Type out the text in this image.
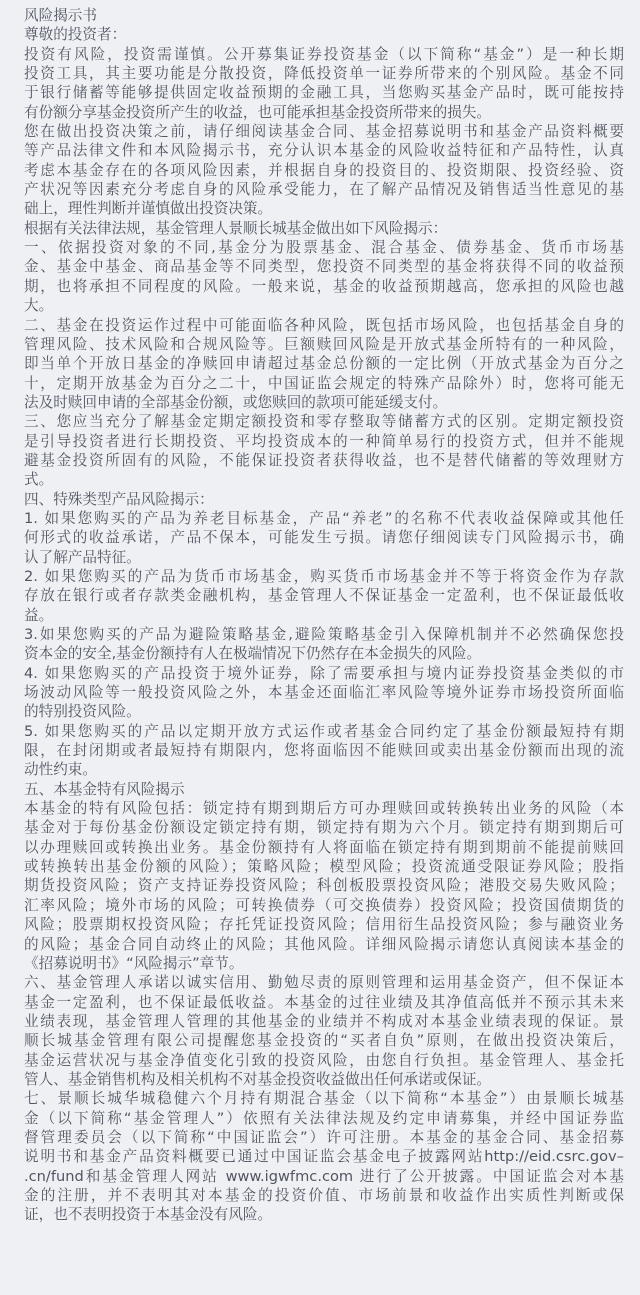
风险揭示书
尊敬的投资者：
投资有风险，投资需谨慎。公开募集证券投资基金（以下简称“基金”）是一种长期
投资工具，其主要功能是分散投资，降低投资单一证券所带来的个别风险。基金不同
于银行储蓄等能够提供固定收益预期的金融工具，当您购买基金产品时，既可能按持
有份额分享基金投资所产生的收益，也可能承担基金投资所带来的损失。
您在做出投资决策之前，请仔细阅读基金合同、基金招募说明书和基金产品资料概要
等产品法律文件和本风险揭示书，充分认识本基金的风险收益特征和产品特性，认真
考虑本基金存在的各项风险因素，并根据自身的投资目的、投资期限、投资经验、资
产状况等因素充分考虑自身的风险承受能力，在了解产品情况及销售适当性意见的基
础上，理性判断并谨慎做出投资决策。
根据有关法律法规，基金管理人景顺长城基金做出如下风险揭示：
一、依据投资对象的不同,基金分为股票基金、混合基金、债券基金、货币市场基
金、基金中基金、商品基金等不同类型，您投资不同类型的基金将获得不同的收益预
期，也将承担不同程度的风险。一般来说，基金的收益预期越高，您承担的风险也越
大。
二、基金在投资运作过程中可能面临各种风险，既包括市场风险，也包括基金自身的
管理风险、技术风险和合规风险等。巨额赎回风险是开放式基金所特有的一种风险，
即当单个开放日基金的净赎回申请超过基金总份额的一定比例（开放式基金为百分之
十，定期开放基金为百分之二十，中国证监会规定的特殊产品除外）时，您将可能无
法及时赎回申请的全部基金份额，或您赎回的款项可能延缓支付。
三、您应当充分了解基金定期定额投资和零存整取等储蓄方式的区别。定期定额投资
是引导投资者进行长期投资、平均投资成本的一种简单易行的投资方式，但并不能规
避基金投资所固有的风险，不能保证投资者获得收益，也不是替代储蓄的等效理财方
式。
四、特殊类型产品风险揭示：
1. 如果您购买的产品为养老目标基金，产品“养老”的名称不代表收益保障或其他任
何形式的收益承诺，产品不保本，可能发生亏损。请您仔细阅读专门风险揭示书，确
认了解产品特征。
2. 如果您购买的产品为货币市场基金，购买货币市场基金并不等于将资金作为存款
存放在银行或者存款类金融机构，基金管理人不保证基金一定盈利，也不保证最低收
益。
3.如果您购买的产品为避险策略基金,避险策略基金引入保障机制并不必然确保您投
资本金的安全,基金份额持有人在极端情况下仍然存在本金损失的风险。
4. 如果您购买的产品投资于境外证券，除了需要承担与境内证券投资基金类似的市
场波动风险等一般投资风险之外，本基金还面临汇率风险等境外证券市场投资所面临
的特别投资风险。
5. 如果您购买的产品以定期开放方式运作或者基金合同约定了基金份额最短持有期
限，在封闭期或者最短持有期限内，您将面临因不能赎回或卖出基金份额而出现的流
动性约束。
五、本基金特有风险揭示
本基金的特有风险包括：锁定持有期到期后方可办理赎回或转换转出业务的风险（本
基金对于每份基金份额设定锁定持有期，锁定持有期为六个月。锁定持有期到期后可
以办理赎回或转换出业务。基金份额持有人将面临在锁定持有期到期前不能提前赎回
或转换转出基金份额的风险）；策略风险；模型风险；投资流通受限证券风险；股指
期货投资风险；资产支持证券投资风险；科创板股票投资风险；港股交易失败风险；
汇率风险；境外市场的风险；可转换债券（可交换债券）投资风险；投资国债期货的
风险；股票期权投资风险；存托凭证投资风险；信用衍生品投资风险；参与融资业务
的风险；基金合同自动终止的风险；其他风险。详细风险揭示请您认真阅读本基金的
《招募说明书》“风险揭示”章节。
六、基金管理人承诺以诚实信用、勤勉尽责的原则管理和运用基金资产，但不保证本
基金一定盈利，也不保证最低收益。本基金的过往业绩及其净值高低并不预示其未来
业绩表现，基金管理人管理的其他基金的业绩并不构成对本基金业绩表现的保证。景
顺长城基金管理有限公司提醒您基金投资的“买者自负”原则，在做出投资决策后，
基金运营状况与基金净值变化引致的投资风险，由您自行负担。基金管理人、基金托
管人、基金销售机构及相关机构不对基金投资收益做出任何承诺或保证。
七、景顺长城华城稳健六个月持有期混合基金（以下简称“本基金”）由景顺长城基
金（以下简称“基金管理人”）依照有关法律法规及约定申请募集，并经中国证券监
督管理委员会（以下简称“中国证监会”）许可注册。本基金的基金合同、基金招募
说明书和基金产品资料概要已通过中国证监会基金电子披露网站http://eid.csrc.gov–
.cn/fund和基金管理人网站 www.igwfmc.com 进行了公开披露。中国证监会对本基
金的注册，并不表明其对本基金的投资价值、市场前景和收益作出实质性判断或保
证，也不表明投资于本基金没有风险。
